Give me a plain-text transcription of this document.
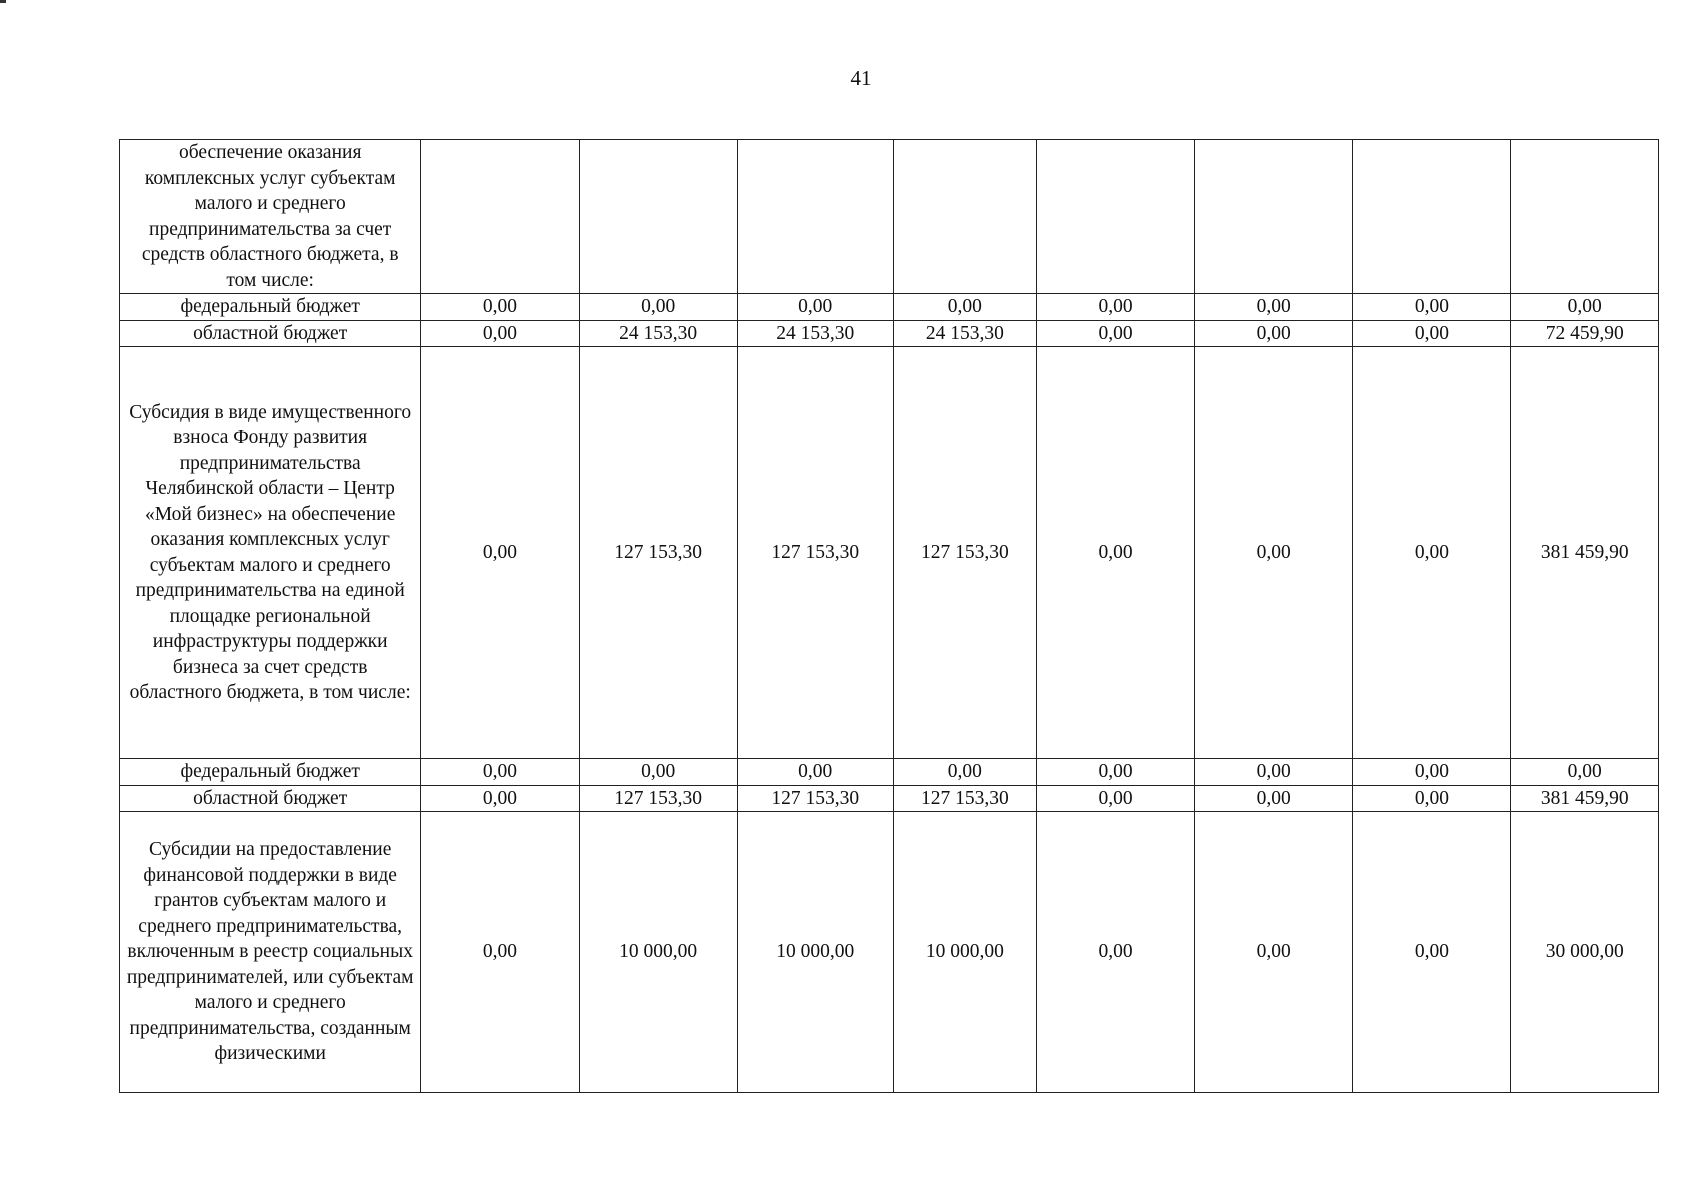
41
обеспечение оказания комплексных услуг субъектам малого и среднего предпринимательства за счет средств областного бюджета, в том числе:								
федеральный бюджет	0,00	0,00	0,00	0,00	0,00	0,00	0,00	0,00
областной бюджет	0,00	24 153,30	24 153,30	24 153,30	0,00	0,00	0,00	72 459,90
Субсидия в виде имущественного взноса Фонду развития предпринимательства Челябинской области – Центр «Мой бизнес» на обеспечение оказания комплексных услуг субъектам малого и среднего предпринимательства на единой площадке региональной инфраструктуры поддержки бизнеса за счет средств областного бюджета, в том числе:	0,00	127 153,30	127 153,30	127 153,30	0,00	0,00	0,00	381 459,90
федеральный бюджет	0,00	0,00	0,00	0,00	0,00	0,00	0,00	0,00
областной бюджет	0,00	127 153,30	127 153,30	127 153,30	0,00	0,00	0,00	381 459,90
Субсидии на предоставление финансовой поддержки в виде грантов субъектам малого и среднего предпринимательства, включенным в реестр социальных предпринимателей, или субъектам малого и среднего предпринимательства, созданным физическими	0,00	10 000,00	10 000,00	10 000,00	0,00	0,00	0,00	30 000,00
